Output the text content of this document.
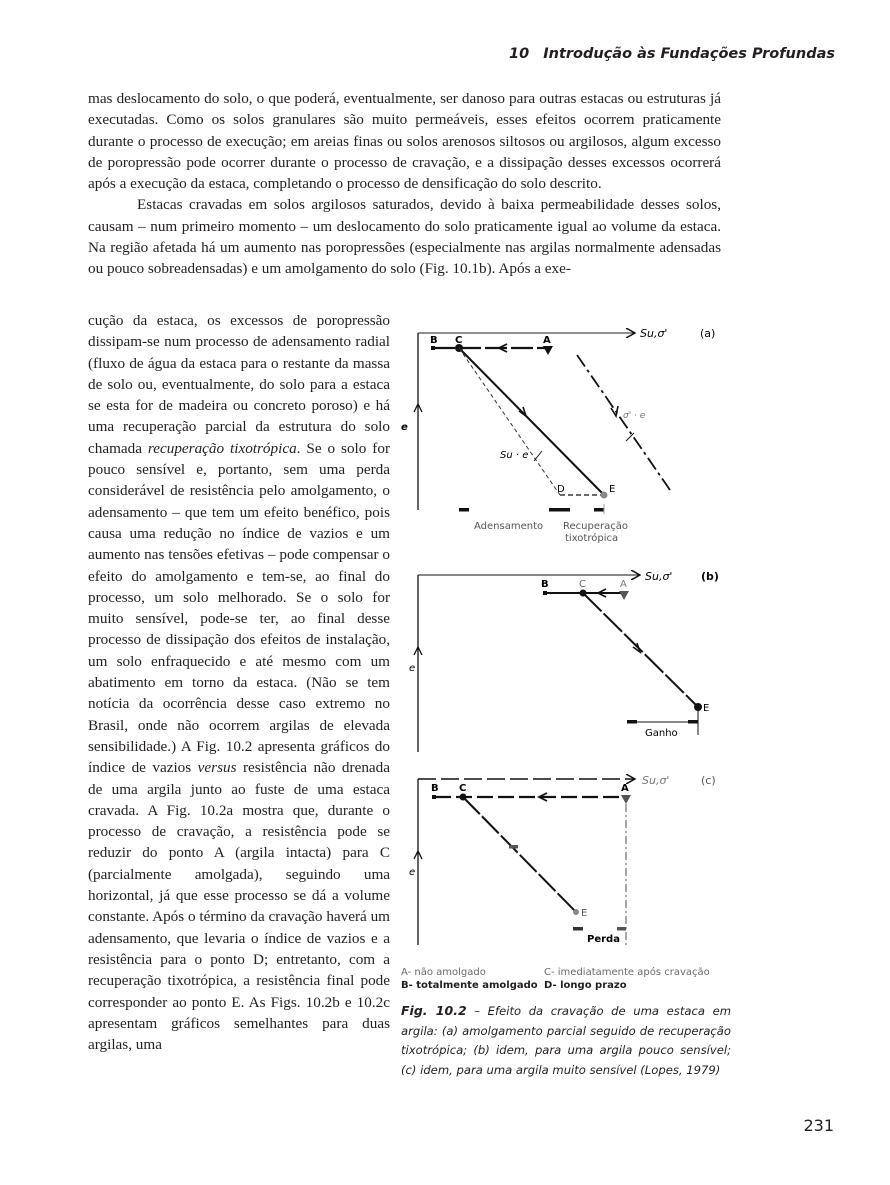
10 Introdução às Fundações Profundas

mas deslocamento do solo, o que poderá, eventualmente, ser danoso para outras estacas ou estruturas já executadas. Como os solos granulares são muito permeáveis, esses efeitos ocorrem praticamente durante o processo de execução; em areias finas ou solos arenosos siltosos ou argilosos, algum excesso de poropressão pode ocorrer durante o processo de cravação, e a dissipação desses excessos ocorrerá após a execução da estaca, completando o processo de densificação do solo descrito.

Estacas cravadas em solos argilosos saturados, devido à baixa permeabilidade desses solos, causam – num primeiro momento – um deslocamento do solo praticamente igual ao volume da estaca. Na região afetada há um aumento nas poropressões (especialmente nas argilas normalmente adensadas ou pouco sobreadensadas) e um amolgamento do solo (Fig. 10.1b). Após a exe-

cução da estaca, os excessos de poropressão dissipam-se num processo de adensamento radial (fluxo de água da estaca para o restante da massa de solo ou, eventualmente, do solo para a estaca se esta for de madeira ou concreto poroso) e há uma recuperação parcial da estrutura do solo chamada recuperação tixotrópica. Se o solo for pouco sensível e, portanto, sem uma perda considerável de resistência pelo amolgamento, o adensamento – que tem um efeito benéfico, pois causa uma redução no índice de vazios e um aumento nas tensões efetivas – pode compensar o efeito do amolgamento e tem-se, ao final do processo, um solo melhorado. Se o solo for muito sensível, pode-se ter, ao final desse processo de dissipação dos efeitos de instalação, um solo enfraquecido e até mesmo com um abatimento em torno da estaca. (Não se tem notícia da ocorrência desse caso extremo no Brasil, onde não ocorrem argilas de elevada sensibilidade.) A Fig. 10.2 apresenta gráficos do índice de vazios versus resistência não drenada de uma argila junto ao fuste de uma estaca cravada. A Fig. 10.2a mostra que, durante o processo de cravação, a resistência pode se reduzir do ponto A (argila intacta) para C (parcialmente amolgada), seguindo uma horizontal, já que esse processo se dá a volume constante. Após o término da cravação haverá um adensamento, que levaria o índice de vazios e a resistência para o ponto D; entretanto, com a recuperação tixotrópica, a resistência final pode corresponder ao ponto E. As Figs. 10.2b e 10.2c apresentam gráficos semelhantes para duas argilas, uma

Su,σ'	(a)
e
B C	A
Su · e
D	E
σ' · e
Adensamento Recuperação
tixotrópica
Su,σ'	(b)
e
B	C	A
E
Ganho
Su,σ'	(c)
e
B C	A
E
Perda
A- não amolgado	C- imediatamente após cravação
B- totalmente amolgado D- longo prazo
Fig. 10.2 – Efeito da cravação de uma estaca em argila: (a) amolgamento parcial seguido de recuperação tixotrópica; (b) idem, para uma argila pouco sensível; (c) idem, para uma argila muito sensível (Lopes, 1979)
231
